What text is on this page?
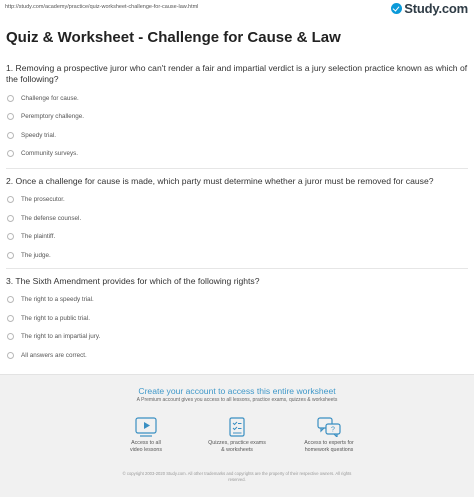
http://study.com/academy/practice/quiz-worksheet-challenge-for-cause-law.html	Study.com
Quiz & Worksheet - Challenge for Cause & Law
1. Removing a prospective juror who can't render a fair and impartial verdict is a jury selection practice known as which of the following?
Challenge for cause.
Peremptory challenge.
Speedy trial.
Community surveys.
2. Once a challenge for cause is made, which party must determine whether a juror must be removed for cause?
The prosecutor.
The defense counsel.
The plaintiff.
The judge.
3. The Sixth Amendment provides for which of the following rights?
The right to a speedy trial.
The right to a public trial.
The right to an impartial jury.
All answers are correct.
Create your account to access this entire worksheet
A Premium account gives you access to all lessons, practice exams, quizzes & worksheets
Access to all
video lessons
Quizzes, practice exams
& worksheets
?
Access to experts for
homework questions
© copyright 2003-2020 Study.com. All other trademarks and copyrights are the property of their respective owners. All rights
reserved.
